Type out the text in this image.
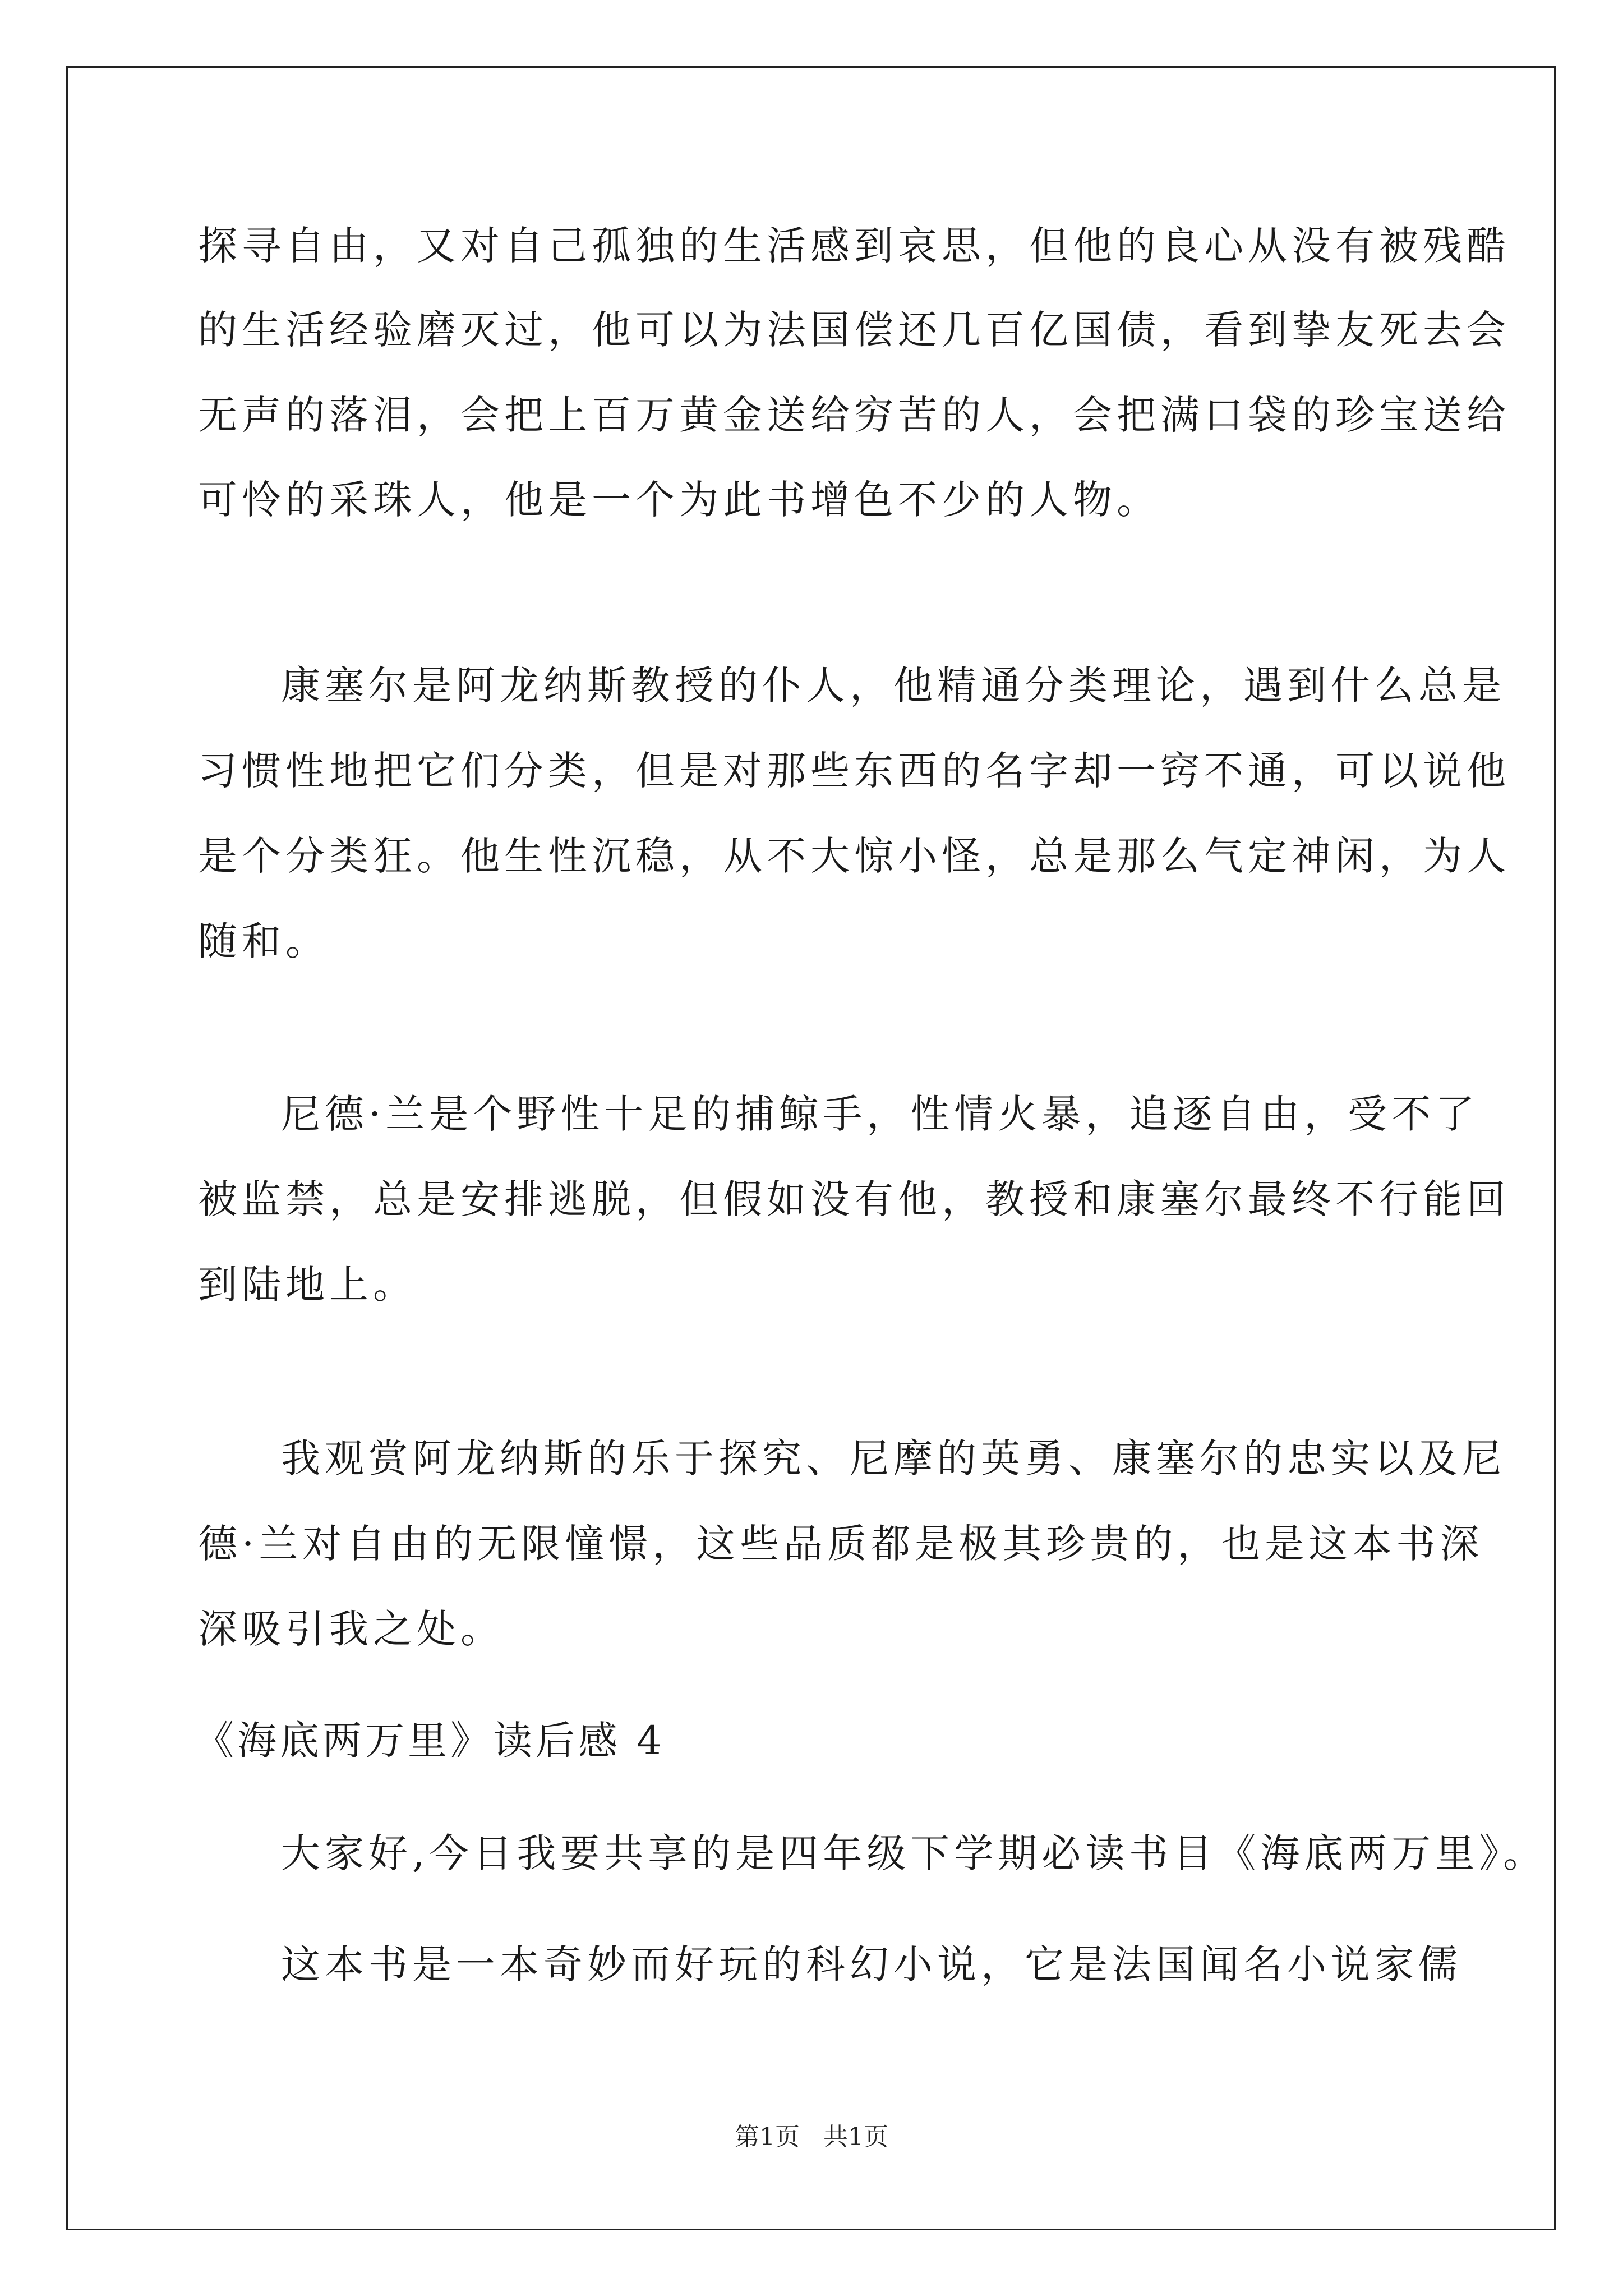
探寻自由，又对自己孤独的生活感到哀思，但他的良心从没有被残酷
的生活经验磨灭过，他可以为法国偿还几百亿国债，看到挚友死去会
无声的落泪，会把上百万黄金送给穷苦的人，会把满口袋的珍宝送给
可怜的采珠人，他是一个为此书增色不少的人物。
康塞尔是阿龙纳斯教授的仆人，他精通分类理论，遇到什么总是
习惯性地把它们分类，但是对那些东西的名字却一窍不通，可以说他
是个分类狂。他生性沉稳，从不大惊小怪，总是那么气定神闲，为人
随和。
尼德·兰是个野性十足的捕鲸手，性情火暴，追逐自由，受不了
被监禁，总是安排逃脱，但假如没有他，教授和康塞尔最终不行能回
到陆地上。
我观赏阿龙纳斯的乐于探究、尼摩的英勇、康塞尔的忠实以及尼
德·兰对自由的无限憧憬，这些品质都是极其珍贵的，也是这本书深
深吸引我之处。
《海底两万里》读后感 4
大家好,今日我要共享的是四年级下学期必读书目《海底两万里》。
这本书是一本奇妙而好玩的科幻小说，它是法国闻名小说家儒
第1页 共1页
